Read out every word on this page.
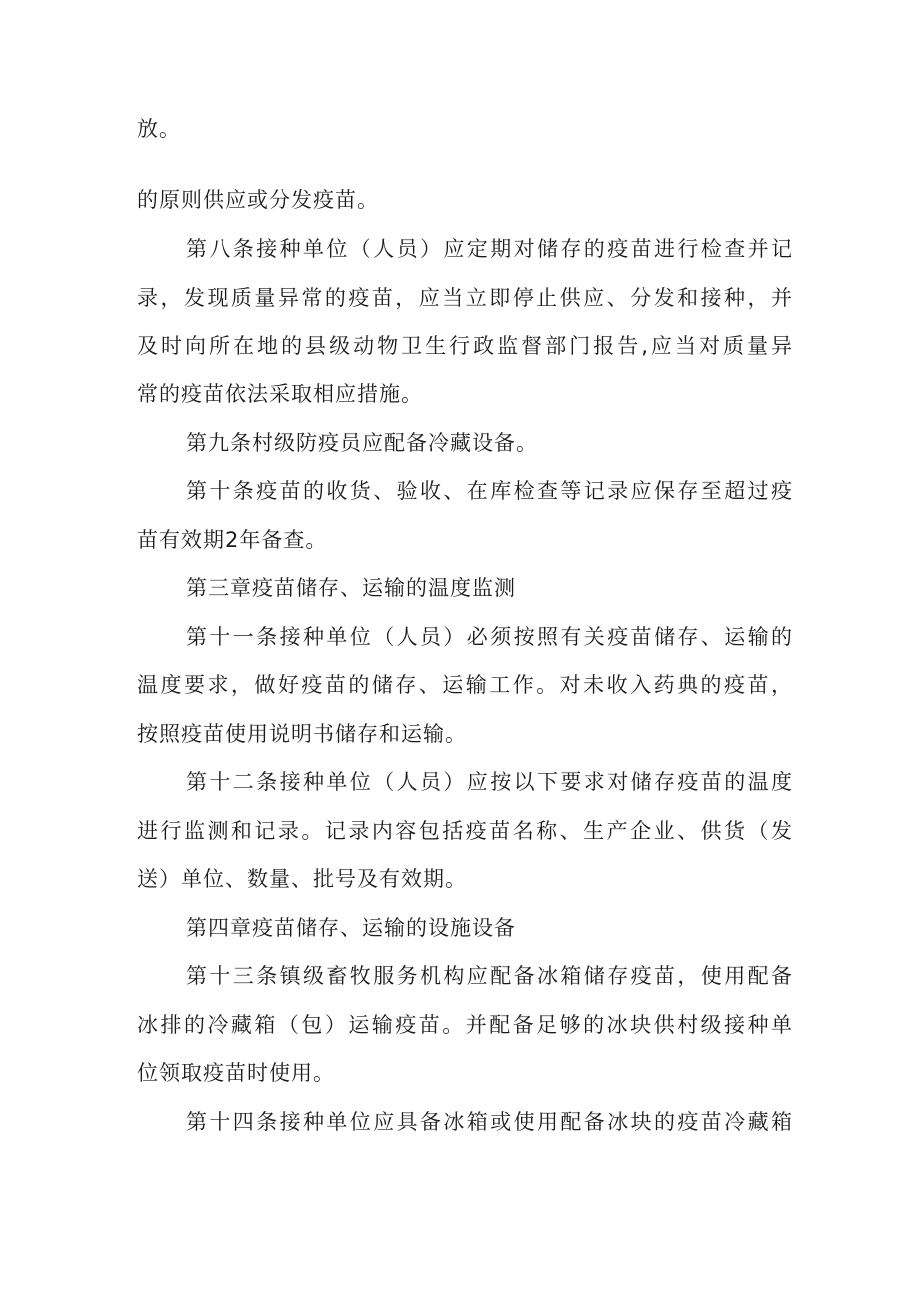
放。
的原则供应或分发疫苗。
第八条接种单位（人员）应定期对储存的疫苗进行检查并记
录，发现质量异常的疫苗，应当立即停止供应、分发和接种，并
及时向所在地的县级动物卫生行政监督部门报告,应当对质量异
常的疫苗依法采取相应措施。
第九条村级防疫员应配备冷藏设备。
第十条疫苗的收货、验收、在库检查等记录应保存至超过疫
苗有效期2年备查。
第三章疫苗储存、运输的温度监测
第十一条接种单位（人员）必须按照有关疫苗储存、运输的
温度要求，做好疫苗的储存、运输工作。对未收入药典的疫苗，
按照疫苗使用说明书储存和运输。
第十二条接种单位（人员）应按以下要求对储存疫苗的温度
进行监测和记录。记录内容包括疫苗名称、生产企业、供货（发
送）单位、数量、批号及有效期。
第四章疫苗储存、运输的设施设备
第十三条镇级畜牧服务机构应配备冰箱储存疫苗，使用配备
冰排的冷藏箱（包）运输疫苗。并配备足够的冰块供村级接种单
位领取疫苗时使用。
第十四条接种单位应具备冰箱或使用配备冰块的疫苗冷藏箱
